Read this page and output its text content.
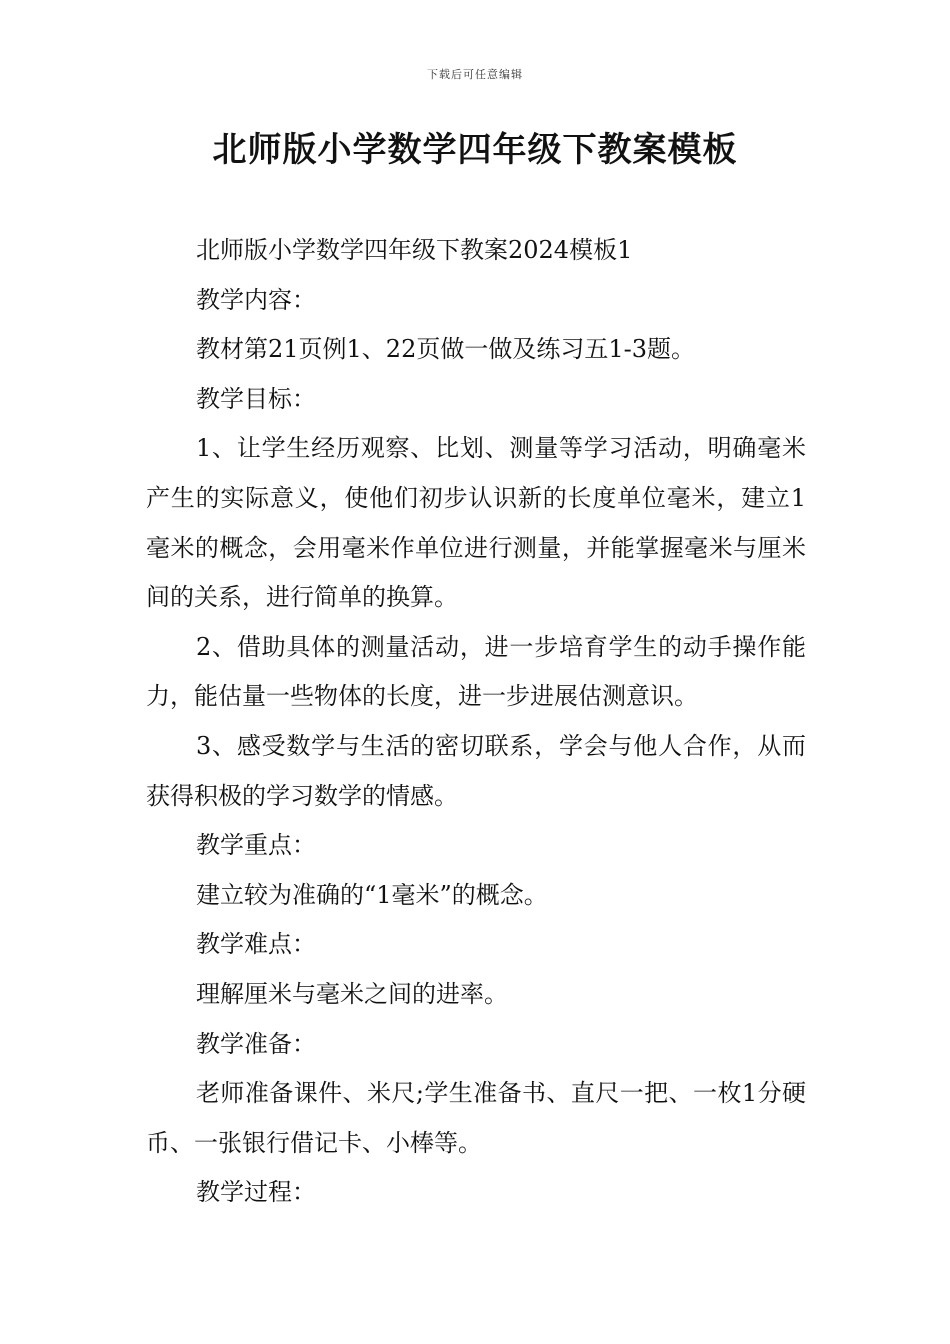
下载后可任意编辑
北师版小学数学四年级下教案模板

北师版小学数学四年级下教案2024模板1

教学内容：

教材第21页例1、22页做一做及练习五1-3题。

教学目标：

1、让学生经历观察、比划、测量等学习活动，明确毫米产生的实际意义，使他们初步认识新的长度单位毫米，建立1毫米的概念，会用毫米作单位进行测量，并能掌握毫米与厘米间的关系，进行简单的换算。

2、借助具体的测量活动，进一步培育学生的动手操作能力，能估量一些物体的长度，进一步进展估测意识。

3、感受数学与生活的密切联系，学会与他人合作，从而获得积极的学习数学的情感。

教学重点：

建立较为准确的“1毫米”的概念。

教学难点：

理解厘米与毫米之间的进率。

教学准备：

老师准备课件、米尺;学生准备书、直尺一把、一枚1分硬币、一张银行借记卡、小棒等。

教学过程：
